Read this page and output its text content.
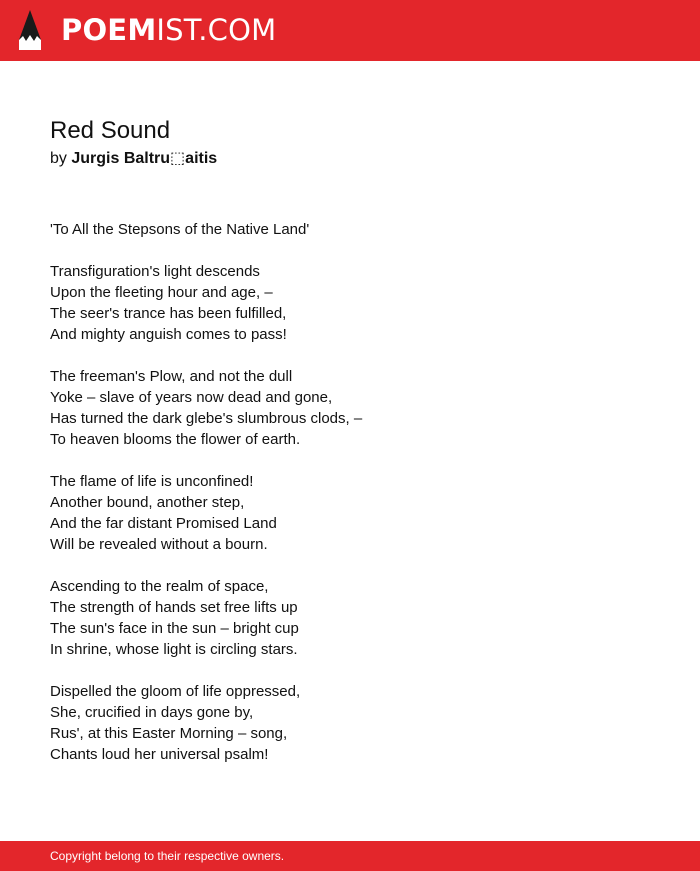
POEMIST.COM
Red Sound
by Jurgis Baltru⬚aitis
'To All the Stepsons of the Native Land'
Transfiguration's light descends
Upon the fleeting hour and age, –
The seer's trance has been fulfilled,
And mighty anguish comes to pass!
The freeman's Plow, and not the dull
Yoke – slave of years now dead and gone,
Has turned the dark glebe's slumbrous clods, –
To heaven blooms the flower of earth.
The flame of life is unconfined!
Another bound, another step,
And the far distant Promised Land
Will be revealed without a bourn.
Ascending to the realm of space,
The strength of hands set free lifts up
The sun's face in the sun – bright cup
In shrine, whose light is circling stars.
Dispelled the gloom of life oppressed,
She, crucified in days gone by,
Rus', at this Easter Morning – song,
Chants loud her universal psalm!
Copyright belong to their respective owners.
